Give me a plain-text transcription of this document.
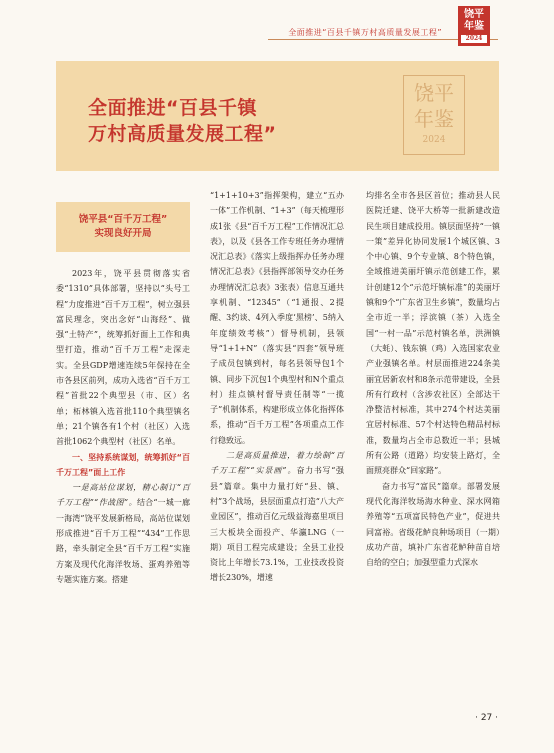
全面推进“百县千镇万村高质量发展工程”
饶平
年鉴
2024
全面推进“百县千镇
万村高质量发展工程”
饶平
年鉴
2024
饶平县“百千万工程”
实现良好开局

2023年，饶平县贯彻落实省委“1310”具体部署，坚持以“头号工程”力度推进“百千万工程”，树立强县富民理念，突出念好“山海经”、做强“土特产”，统筹抓好面上工作和典型打造，推动“百千万工程”走深走实。全县GDP增速连续5年保持在全市各县区前列，成功入选省“百千万工程”首批22个典型县（市、区）名单；柘林镇入选首批110个典型镇名单；21个镇各有1个村（社区）入选首批1062个典型村（社区）名单。

一、坚持系统谋划，统筹抓好“百千万工程”面上工作

一是高站位谋划，精心制订“百千万工程”“作战图”。结合“一城一廊一海湾”饶平发展新格局，高站位谋划形成推进“百千万工程”“434”工作思路，牵头制定全县“百千万工程”实施方案及现代化海洋牧场、蛋鸡养殖等专题实施方案。搭建

“1+1+10+3”指挥架构，建立“五办一体”工作机制、“1+3”（每天梳理形成1张《县“百千万工程”工作情况汇总表》，以及《县各工作专班任务办理情况汇总表》《落实上级指挥办任务办理情况汇总表》《县指挥部领导交办任务办理情况汇总表》3张表）信息互通共享机制、“12345”（“1通报、2提醒、3约谈、4列入季度‘黑榜’、5纳入年度绩效考核”）督导机制，县领导“1+1+N”（落实县“四套”领导班子成员包镇到村，每名县领导包1个镇、同步下沉包1个典型村和N个重点村）挂点镇村督导责任制等“一揽子”机制体系，构建形成立体化指挥体系，推动“百千万工程”各项重点工作行稳致远。

二是高质量推进，着力绘制“百千万工程”“实景画”。奋力书写“强县”篇章。集中力量打好“县、镇、村”3个战场，县层面重点打造“八大产业园区”，推动百亿元级益海嘉里项目三大板块全面投产、华瀛LNG（一期）项目工程完成建设；全县工业投资比上年增长73.1%，工业技改投资增长230%，增速

均排名全市各县区首位；推动县人民医院迁建、饶平大桥等一批新建改造民生项目建成投用。镇层面坚持“一镇一策”差异化协同发展1个城区镇、3个中心镇、9个专业镇、8个特色镇，全域推进美丽圩镇示范创建工作，累计创建12个“示范圩镇标准”的美丽圩镇和9个“广东省卫生乡镇”，数量均占全市近一半；浮滨镇（茶）入选全国“一村一品”示范村镇名单，洪洲镇（大蚝）、钱东镇（鸡）入选国家农业产业强镇名单。村层面推进224条美丽宜居新农村和8条示范带建设，全县所有行政村（含涉农社区）全部达干净整洁村标准，其中274个村达美丽宜居村标准、57个村达特色精品村标准，数量均占全市总数近一半；县城所有公路（道路）均安装上路灯，全面照亮群众“回家路”。

奋力书写“富民”篇章。部署发展现代化海洋牧场海水种业、深水网箱养殖等“五项富民特色产业”，促进共同富裕。省级花鲈良种场项目（一期）成功产苗，填补广东省花鲈种苗自培自给的空白；加强型重力式深水

· 27 ·
